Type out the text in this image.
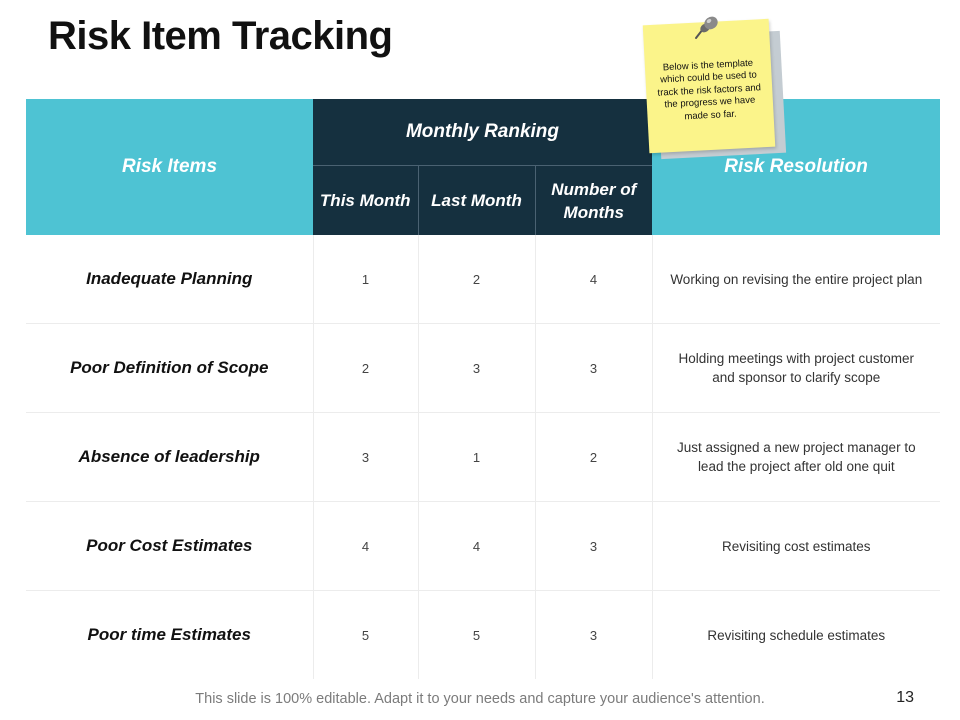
Risk Item Tracking
Risk Items	Monthly Ranking			Risk Resolution
	This Month	Last Month	Number of Months	
Inadequate Planning	1	2	4	Working on revising the entire project plan
Poor Definition of Scope	2	3	3	Holding meetings with project customer and sponsor to clarify scope
Absence of leadership	3	1	2	Just assigned a new project manager to lead the project after old one quit
Poor Cost Estimates	4	4	3	Revisiting cost estimates
Poor time Estimates	5	5	3	Revisiting schedule estimates

Below is the template which could be used to track the risk factors and the progress we have made so far.

This slide is 100% editable. Adapt it to your needs and capture your audience's attention.	13
